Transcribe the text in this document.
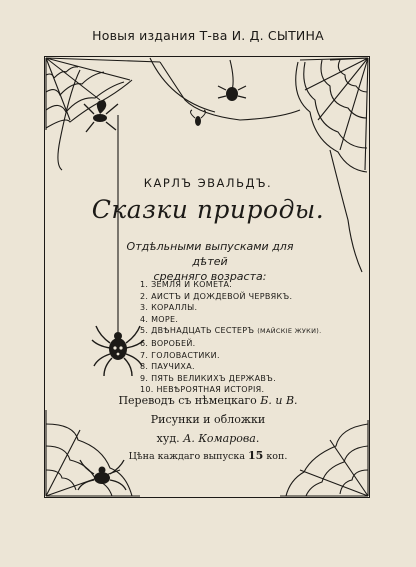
Новыя издания Т-ва И. Д. СЫТИНА
КАРЛЪ ЭВАЛЬДЪ.
Сказки природы.
Отдѣльными выпусками для дѣтей
средняго возраста:
1. ЗЕМЛЯ И КОМЕТА.
2. АИСТЪ И ДОЖДЕВОЙ ЧЕРВЯКЪ.
3. КОРАЛЛЫ.
4. МОРЕ.
5. ДВѢНАДЦАТЬ СЕСТЕРЪ (МАЙСКІЕ ЖУКИ).
6. ВОРОБЕЙ.
7. ГОЛОВАСТИКИ.
8. ПАУЧИХА.
9. ПЯТЬ ВЕЛИКИХЪ ДЕРЖАВЪ.
10. НЕВѢРОЯТНАЯ ИСТОРІЯ.
Переводъ съ нѣмецкаго Б. и В.
Рисунки и обложки
худ. А. Комарова.
Цѣна каждаго выпуска 15 коп.
